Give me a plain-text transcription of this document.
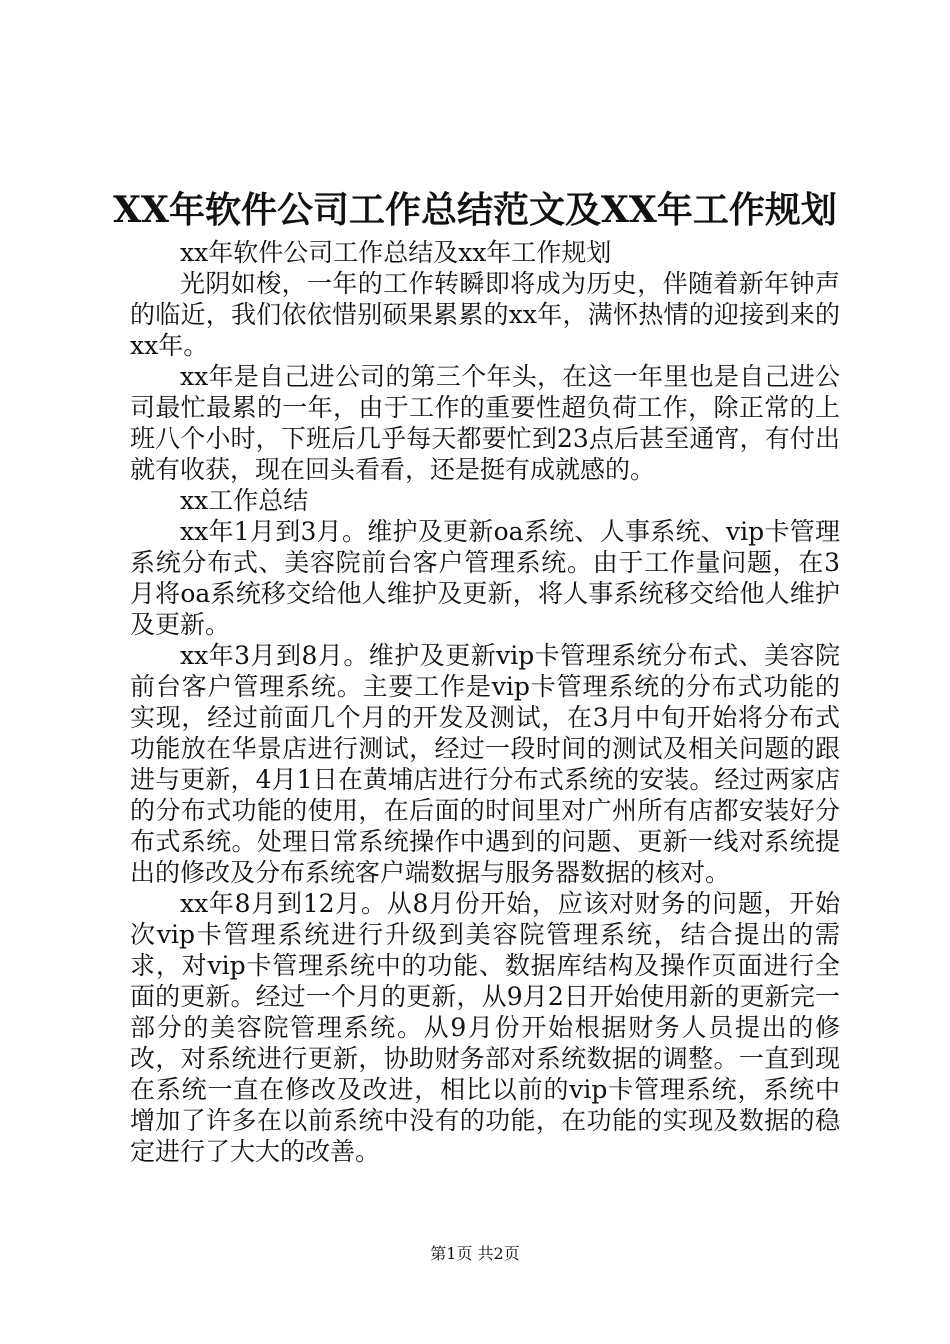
XX年软件公司工作总结范文及XX年工作规划

xx年软件公司工作总结及xx年工作规划

光阴如梭，一年的工作转瞬即将成为历史，伴随着新年钟声的临近，我们依依惜别硕果累累的xx年，满怀热情的迎接到来的xx年。

xx年是自己进公司的第三个年头，在这一年里也是自己进公司最忙最累的一年，由于工作的重要性超负荷工作，除正常的上班八个小时，下班后几乎每天都要忙到23点后甚至通宵，有付出就有收获，现在回头看看，还是挺有成就感的。

xx工作总结

xx年1月到3月。维护及更新oa系统、人事系统、vip卡管理系统分布式、美容院前台客户管理系统。由于工作量问题，在3月将oa系统移交给他人维护及更新，将人事系统移交给他人维护及更新。

xx年3月到8月。维护及更新vip卡管理系统分布式、美容院前台客户管理系统。主要工作是vip卡管理系统的分布式功能的实现，经过前面几个月的开发及测试，在3月中旬开始将分布式功能放在华景店进行测试，经过一段时间的测试及相关问题的跟进与更新，4月1日在黄埔店进行分布式系统的安装。经过两家店的分布式功能的使用，在后面的时间里对广州所有店都安装好分布式系统。处理日常系统操作中遇到的问题、更新一线对系统提出的修改及分布系统客户端数据与服务器数据的核对。

xx年8月到12月。从8月份开始，应该对财务的问题，开始次vip卡管理系统进行升级到美容院管理系统，结合提出的需求，对vip卡管理系统中的功能、数据库结构及操作页面进行全面的更新。经过一个月的更新，从9月2日开始使用新的更新完一部分的美容院管理系统。从9月份开始根据财务人员提出的修改，对系统进行更新，协助财务部对系统数据的调整。一直到现在系统一直在修改及改进，相比以前的vip卡管理系统，系统中增加了许多在以前系统中没有的功能，在功能的实现及数据的稳定进行了大大的改善。

第1页 共2页
